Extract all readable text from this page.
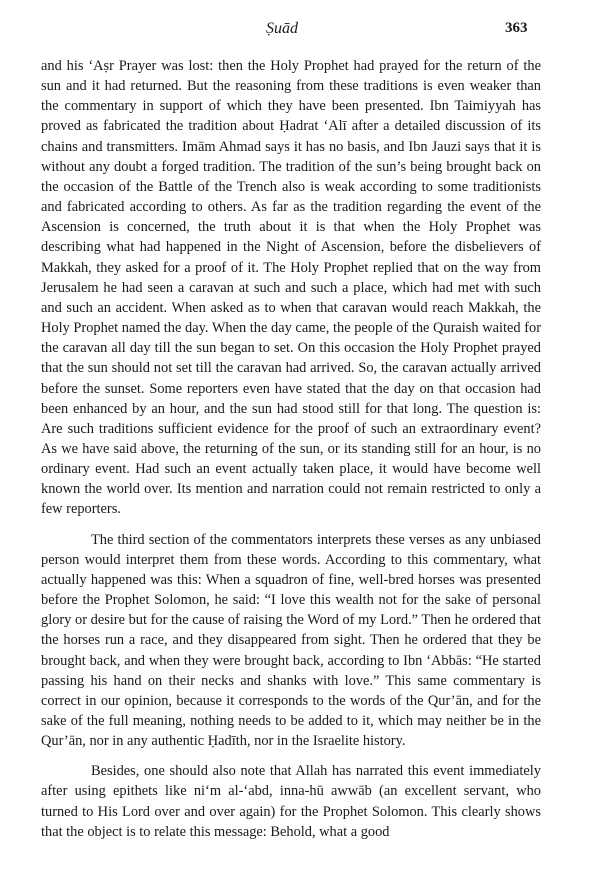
Ṣuād	363

and his ‘Aṣr Prayer was lost: then the Holy Prophet had prayed for the return of the sun and it had returned. But the reasoning from these traditions is even weaker than the commentary in support of which they have been presented. Ibn Taimiyyah has proved as fabricated the tradition about Ḥadrat ‘Alī after a detailed discussion of its chains and transmitters. Imām Ahmad says it has no basis, and Ibn Jauzi says that it is without any doubt a forged tradition. The tradition of the sun’s being brought back on the occasion of the Battle of the Trench also is weak according to some traditionists and fabricated according to others. As far as the tradition regarding the event of the Ascension is concerned, the truth about it is that when the Holy Prophet was describing what had happened in the Night of Ascension, before the disbelievers of Makkah, they asked for a proof of it. The Holy Prophet replied that on the way from Jerusalem he had seen a caravan at such and such a place, which had met with such and such an accident. When asked as to when that caravan would reach Makkah, the Holy Prophet named the day. When the day came, the people of the Quraish waited for the caravan all day till the sun began to set. On this occasion the Holy Prophet prayed that the sun should not set till the caravan had arrived. So, the caravan actually arrived before the sunset. Some reporters even have stated that the day on that occasion had been enhanced by an hour, and the sun had stood still for that long. The question is: Are such traditions sufficient evidence for the proof of such an extraordinary event? As we have said above, the returning of the sun, or its standing still for an hour, is no ordinary event. Had such an event actually taken place, it would have become well known the world over. Its mention and narration could not remain restricted to only a few reporters.

The third section of the commentators interprets these verses as any unbiased person would interpret them from these words. According to this commentary, what actually happened was this: When a squadron of fine, well-bred horses was presented before the Prophet Solomon, he said: “I love this wealth not for the sake of personal glory or desire but for the cause of raising the Word of my Lord.” Then he ordered that the horses run a race, and they disappeared from sight. Then he ordered that they be brought back, and when they were brought back, according to Ibn ‘Abbās: “He started passing his hand on their necks and shanks with love.” This same commentary is correct in our opinion, because it corresponds to the words of the Qur’ān, and for the sake of the full meaning, nothing needs to be added to it, which may neither be in the Qur’ān, nor in any authentic Ḥadīth, nor in the Israelite history.

Besides, one should also note that Allah has narrated this event immediately after using epithets like ni‘m al-‘abd, inna-hū awwāb (an excellent servant, who turned to His Lord over and over again) for the Prophet Solomon. This clearly shows that the object is to relate this message: Behold, what a good
